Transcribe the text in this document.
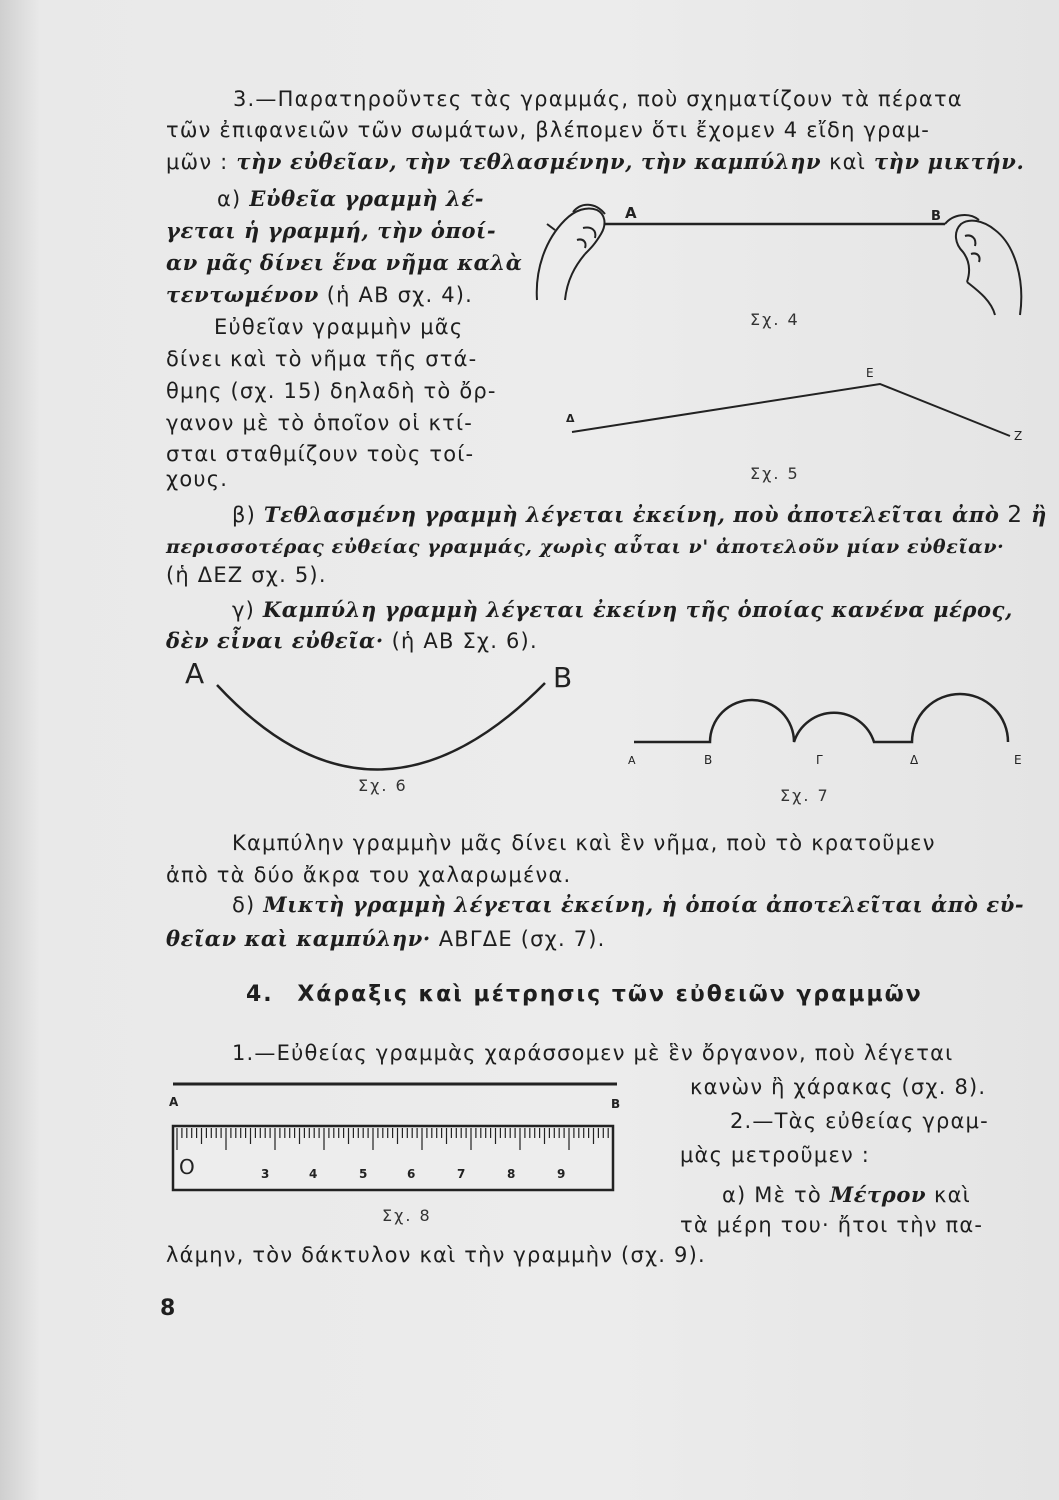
3.—Παρατηροῦντες τὰς γραμμάς, ποὺ σχηματίζουν τὰ πέρατα
τῶν ἐπιφανειῶν τῶν σωμάτων, βλέπομεν ὅτι ἔχομεν 4 εἴδη γραμ-
μῶν : τὴν εὐθεῖαν, τὴν τεθλασμένην, τὴν καμπύλην καὶ τὴν μικτήν.
α) Εὐθεῖα γραμμὴ λέ-
γεται ἡ γραμμή, τὴν ὁποί-
αν μᾶς δίνει ἕνα νῆμα καλὰ
τεντωμένον (ἡ ΑΒ σχ. 4).
Εὐθεῖαν γραμμὴν μᾶς
δίνει καὶ τὸ νῆμα τῆς στά-
θμης (σχ. 15) δηλαδὴ τὸ ὄρ-
γανον μὲ τὸ ὁποῖον οἱ κτί-
σται σταθμίζουν τοὺς τοί-
χους.
Α	Β
Σχ. 4
Δ
Ε
Ζ
Σχ. 5
β) Τεθλασμένη γραμμὴ λέγεται ἐκείνη, ποὺ ἀποτελεῖται ἀπὸ 2 ἢ
περισσοτέρας εὐθείας γραμμάς, χωρὶς αὗται ν' ἀποτελοῦν μίαν εὐθεῖαν·
(ἡ ΔΕΖ σχ. 5).
γ) Καμπύλη γραμμὴ λέγεται ἐκείνη τῆς ὁποίας κανένα μέρος,
δὲν εἶναι εὐθεῖα· (ἡ ΑΒ Σχ. 6).
A	B
Σχ. 6
Α	Β	Γ	Δ	Ε
Σχ. 7
Καμπύλην γραμμὴν μᾶς δίνει καὶ ἓν νῆμα, ποὺ τὸ κρατοῦμεν
ἀπὸ τὰ δύο ἄκρα του χαλαρωμένα.
δ) Μικτὴ γραμμὴ λέγεται ἐκείνη, ἡ ὁποία ἀποτελεῖται ἀπὸ εὐ-
θεῖαν καὶ καμπύλην· ΑΒΓΔΕ (σχ. 7).
4. Χάραξις καὶ μέτρησις τῶν εὐθειῶν γραμμῶν
1.—Εὐθείας γραμμὰς χαράσσομεν μὲ ἓν ὄργανον, ποὺ λέγεται
κανὼν ἢ χάρακας (σχ. 8).
Α	Β
O	3	4	5	6	7	8	9
Σχ. 8
2.—Τὰς εὐθείας γραμ-
μὰς μετροῦμεν :
α) Μὲ τὸ Μέτρον καὶ
τὰ μέρη του· ἤτοι τὴν πα-
λάμην, τὸν δάκτυλον καὶ τὴν γραμμὴν (σχ. 9).
8
